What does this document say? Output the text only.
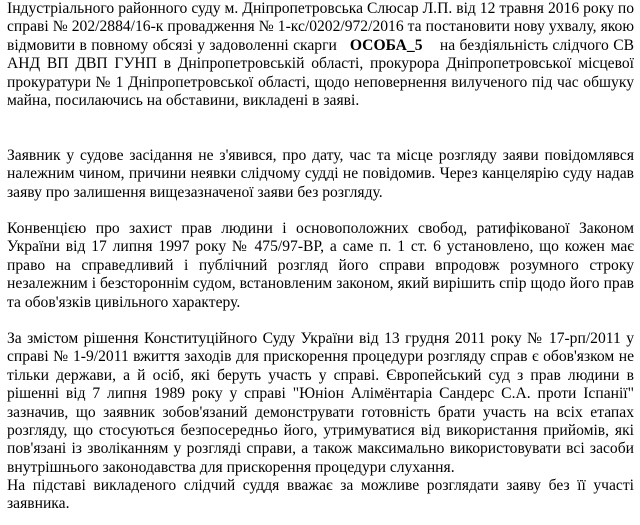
Індустріального районного суду м. Дніпропетровська Слюсар Л.П. від 12 травня 2016 року по справі № 202/2884/16-к провадження № 1-кс/0202/972/2016 та постановити нову ухвалу, якою відмовити в повному обсязі у задоволенні скарги ОСОБА_5 на бездіяльність слідчого СВ АНД ВП ДВП ГУНП в Дніпропетровській області, прокурора Дніпропетровської місцевої прокуратури № 1 Дніпропетровської області, щодо неповернення вилученого під час обшуку майна, посилаючись на обставини, викладені в заяві.

Заявник у судове засідання не з'явився, про дату, час та місце розгляду заяви повідомлявся належним чином, причини неявки слідчому судді не повідомив. Через канцелярію суду надав заяву про залишення вищезазначеної заяви без розгляду.

Конвенцією про захист прав людини і основоположних свобод, ратифікованої Законом України від 17 липня 1997 року № 475/97-ВР, а саме п. 1 ст. 6 установлено, що кожен має право на справедливий і публічний розгляд його справи впродовж розумного строку незалежним і безстороннім судом, встановленим законом, який вирішить спір щодо його прав та обов'язків цивільного характеру.

За змістом рішення Конституційного Суду України від 13 грудня 2011 року № 17-рп/2011 у справі № 1-9/2011 вжиття заходів для прискорення процедури розгляду справ є обов'язком не тільки держави, а й осіб, які беруть участь у справі. Європейський суд з прав людини в рішенні від 7 липня 1989 року у справі "Юніон Алімёнтаріа Сандерс С.А. проти Іспанії" зазначив, що заявник зобов'язаний демонструвати готовність брати участь на всіх етапах розгляду, що стосуються безпосередньо його, утримуватися від використання прийомів, які пов'язані із зволіканням у розгляді справи, а також максимально використовувати всі засоби внутрішнього законодавства для прискорення процедури слухання.

На підставі викладеного слідчий суддя вважає за можливе розглядати заяву без її участі заявника.
